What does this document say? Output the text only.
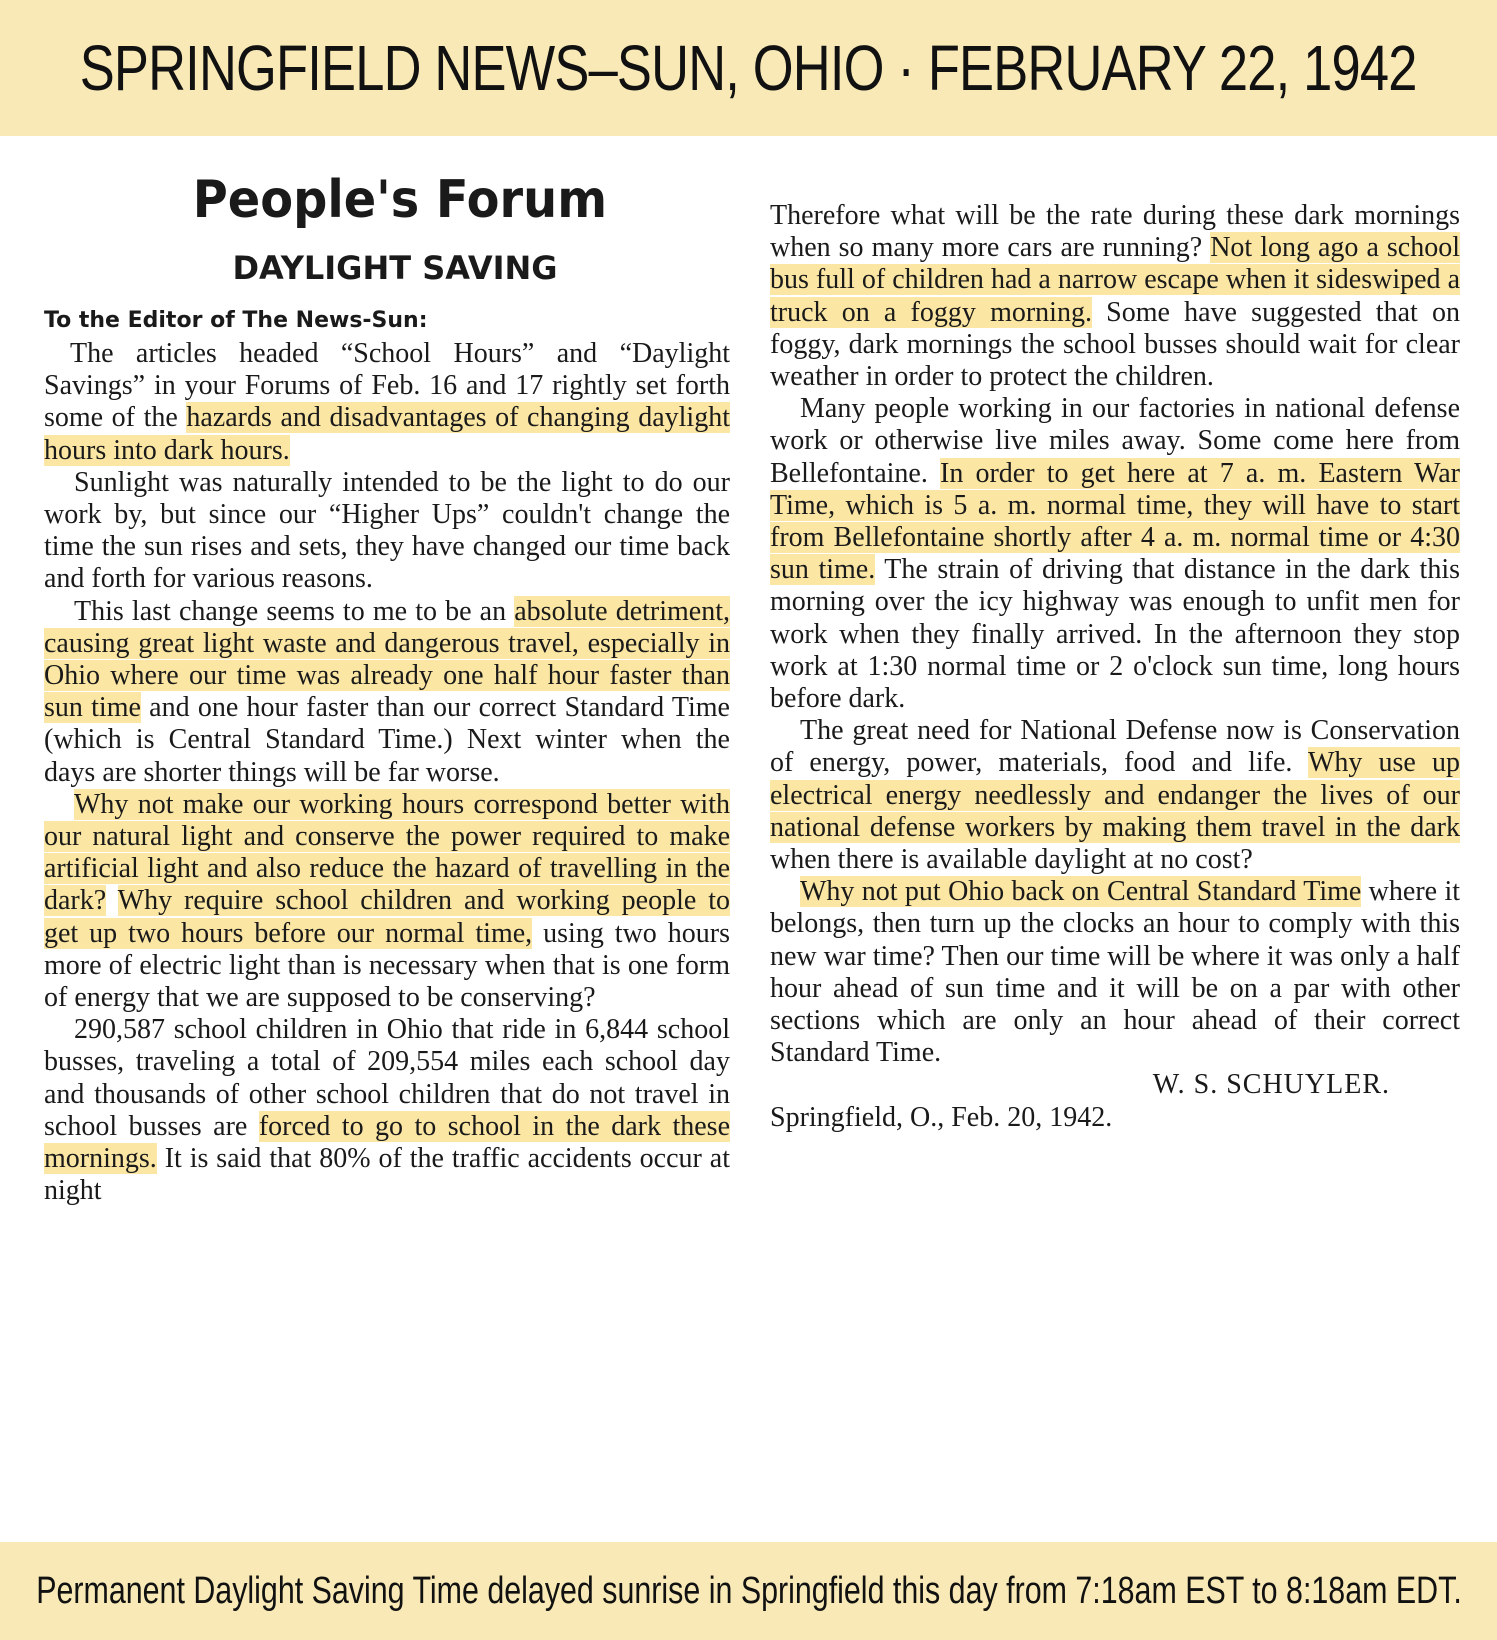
SPRINGFIELD NEWS–SUN, OHIO · FEBRUARY 22, 1942
People's Forum
DAYLIGHT SAVING
To the Editor of The News-Sun:

The articles headed “School Hours” and “Daylight Savings” in your Forums of Feb. 16 and 17 rightly set forth some of the hazards and disadvantages of changing daylight hours into dark hours.

Sunlight was naturally intended to be the light to do our work by, but since our “Higher Ups” couldn't change the time the sun rises and sets, they have changed our time back and forth for various reasons.

This last change seems to me to be an absolute detriment, causing great light waste and dangerous travel, especially in Ohio where our time was already one half hour faster than sun time and one hour faster than our correct Standard Time (which is Central Standard Time.) Next winter when the days are shorter things will be far worse.

Why not make our working hours correspond better with our natural light and conserve the power required to make artificial light and also reduce the hazard of travelling in the dark? Why require school children and working people to get up two hours before our normal time, using two hours more of electric light than is necessary when that is one form of energy that we are supposed to be conserving?

290,587 school children in Ohio that ride in 6,844 school busses, traveling a total of 209,554 miles each school day and thousands of other school children that do not travel in school busses are forced to go to school in the dark these mornings. It is said that 80% of the traffic accidents occur at night

Therefore what will be the rate during these dark mornings when so many more cars are running? Not long ago a school bus full of children had a narrow escape when it sideswiped a truck on a foggy morning. Some have suggested that on foggy, dark mornings the school busses should wait for clear weather in order to protect the children.

Many people working in our factories in national defense work or otherwise live miles away. Some come here from Bellefontaine. In order to get here at 7 a. m. Eastern War Time, which is 5 a. m. normal time, they will have to start from Bellefontaine shortly after 4 a. m. normal time or 4:30 sun time. The strain of driving that distance in the dark this morning over the icy highway was enough to unfit men for work when they finally arrived. In the afternoon they stop work at 1:30 normal time or 2 o'clock sun time, long hours before dark.

The great need for National Defense now is Conservation of energy, power, materials, food and life. Why use up electrical energy needlessly and endanger the lives of our national defense workers by making them travel in the dark when there is available daylight at no cost?

Why not put Ohio back on Central Standard Time where it belongs, then turn up the clocks an hour to comply with this new war time? Then our time will be where it was only a half hour ahead of sun time and it will be on a par with other sections which are only an hour ahead of their correct Standard Time.

W. S. SCHUYLER.
Springfield, O., Feb. 20, 1942.

Permanent Daylight Saving Time delayed sunrise in Springfield this day from 7:18am EST to 8:18am EDT.
